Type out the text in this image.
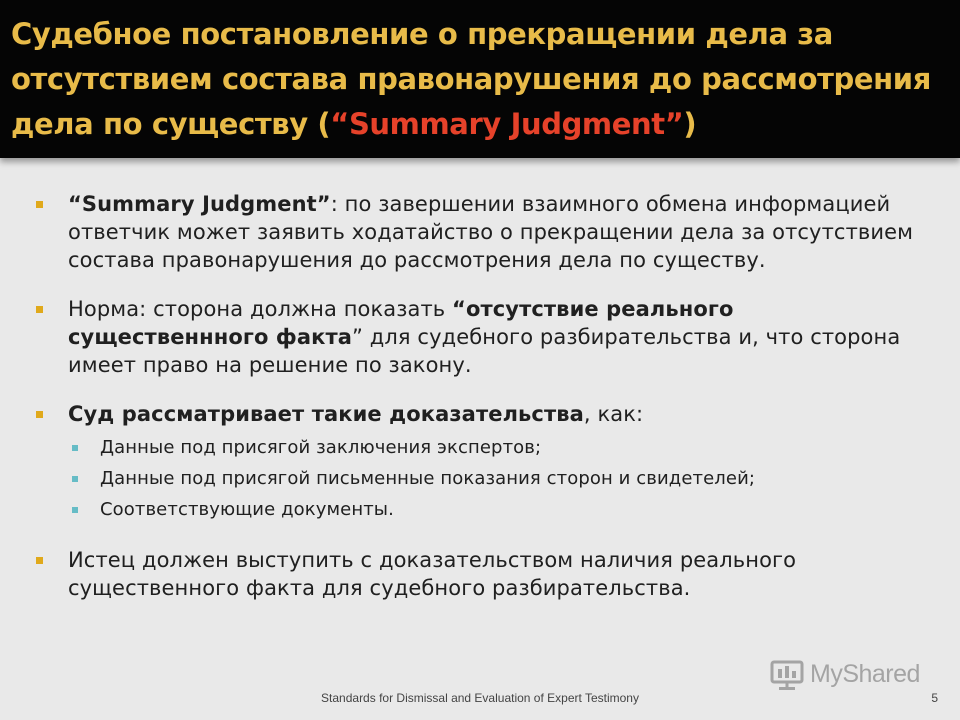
Судебное постановление о прекращении дела за отсутствием состава правонарушения до рассмотрения дела по существу (“Summary Judgment”)
“Summary Judgment”: по завершении взаимного обмена информацией ответчик может заявить ходатайство о прекращении дела за отсутствием состава правонарушения до рассмотрения дела по существу.
Норма: сторона должна показать “отсутствие реального существеннного факта” для судебного разбирательства и, что сторона имеет право на решение по закону.
Суд рассматривает такие доказательства, как:
Данные под присягой заключения экспертов;
Данные под присягой письменные показания сторон и свидетелей;
Соответствующие документы.
Истец должен выступить с доказательством наличия реального существенного факта для судебного разбирательства.
MyShared
Standards for Dismissal and Evaluation of Expert Testimony	5
